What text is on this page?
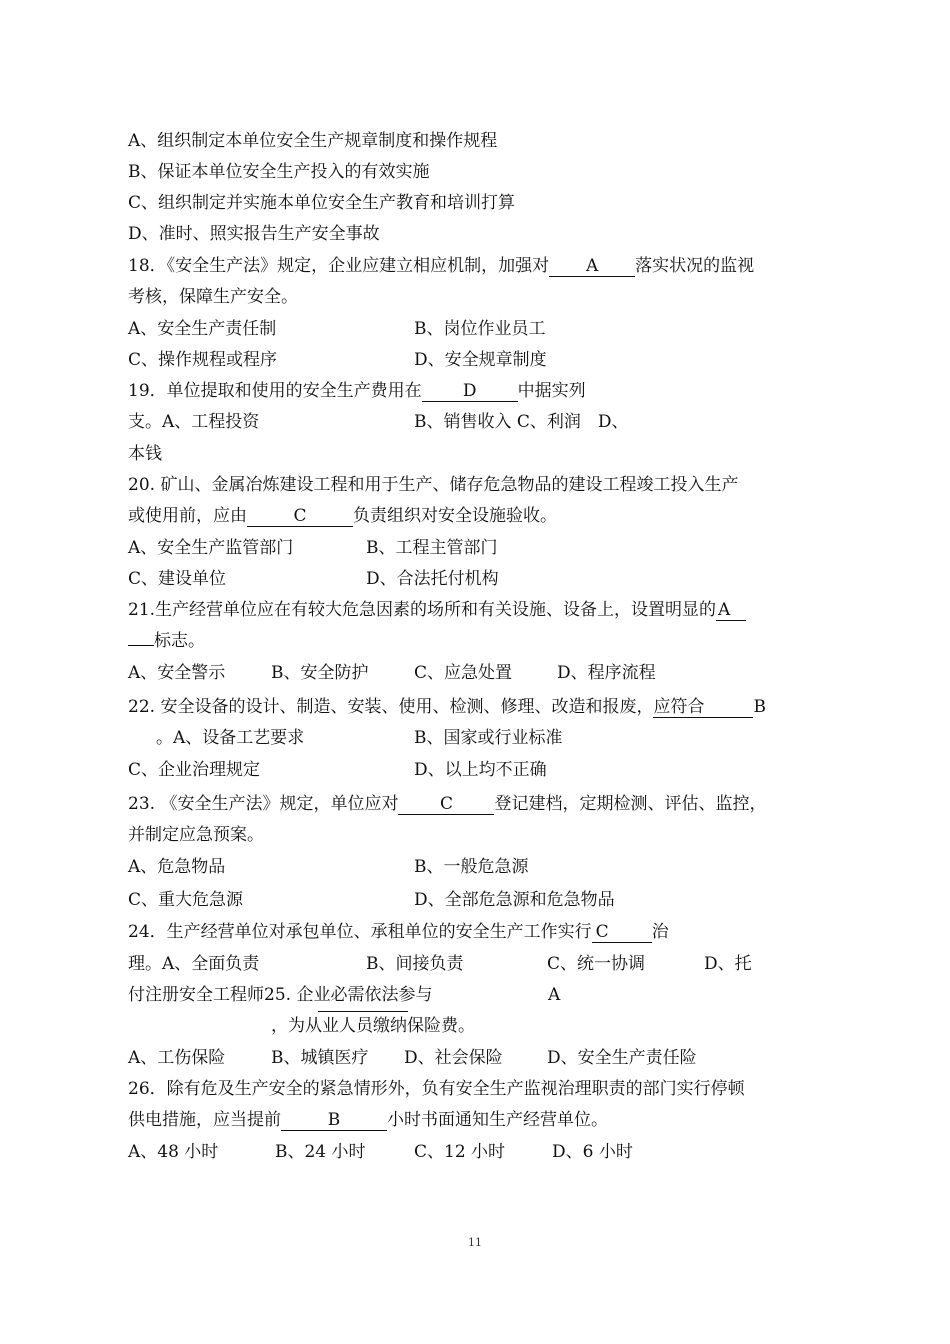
A、组织制定本单位安全生产规章制度和操作规程
B、保证本单位安全生产投入的有效实施
C、组织制定并实施本单位安全生产教育和培训打算
D、准时、照实报告生产安全事故
18．《安全生产法》规定，企业应建立相应机制，加强对 A 落实状况的监视
考核，保障生产安全。
A、安全生产责任制	B、岗位作业员工
C、操作规程或程序	D、安全规章制度
19．单位提取和使用的安全生产费用在 D 中据实列
支。A、工程投资	B、销售收入 C、利润　D、
本钱
20. 矿山、金属冶炼建设工程和用于生产、储存危急物品的建设工程竣工投入生产
或使用前，应由	C	负责组织对安全设施验收。
A、安全生产监管部门	B、工程主管部门
C、建设单位	D、合法托付机构
21.生产经营单位应在有较大危急因素的场所和有关设施、设备上，设置明显的 A
标志。
A、安全警示	B、安全防护	C、应急处置	D、程序流程
22. 安全设备的设计、制造、安装、使用、检测、修理、改造和报废，应符合	B
。A、设备工艺要求	B、国家或行业标准
C、企业治理规定	D、以上均不正确
23. 《安全生产法》规定，单位应对 C 登记建档，定期检测、评估、监控，
并制定应急预案。
A、危急物品	B、一般危急源
C、重大危急源	D、全部危急源和危急物品
24．生产经营单位对承包单位、承租单位的安全生产工作实行 C	治
理。A、全面负责	B、间接负责	C、统一协调	D、托
付注册安全工程师25. 企业必需依法参与	A
，为从业人员缴纳保险费。
A、工伤保险	B、城镇医疗 D、社会保险	D、安全生产责任险
26．除有危及生产安全的紧急情形外，负有安全生产监视治理职责的部门实行停顿
供电措施，应当提前	B	小时书面通知生产经营单位。
A、48 小时	B、24 小时	C、12 小时	D、6 小时
11
